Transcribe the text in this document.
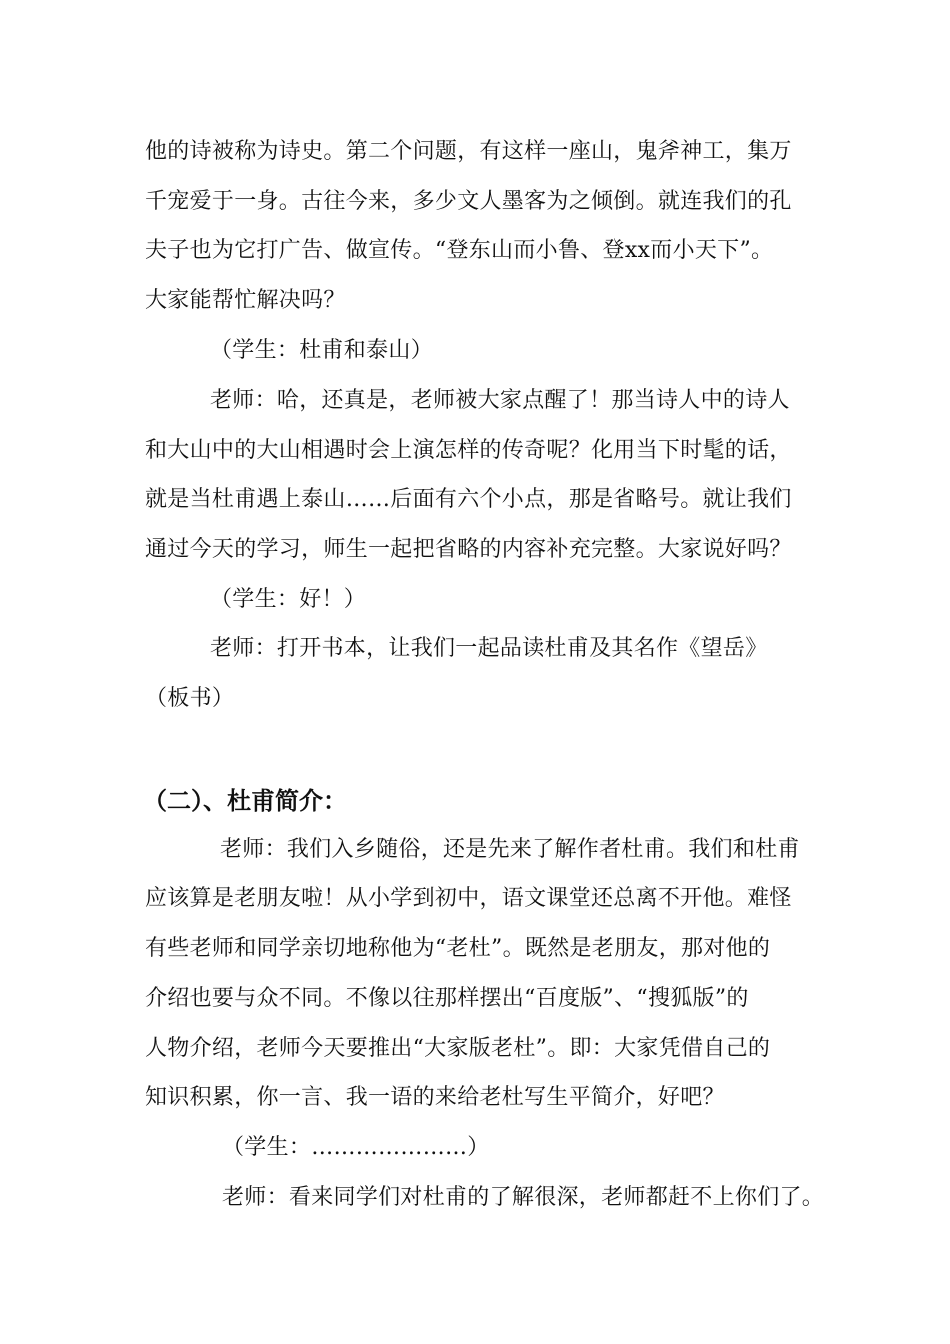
他的诗被称为诗史。第二个问题，有这样一座山，鬼斧神工，集万
千宠爱于一身。古往今来，多少文人墨客为之倾倒。就连我们的孔
夫子也为它打广告、做宣传。“登东山而小鲁、登xx而小天下”。
大家能帮忙解决吗？
（学生：杜甫和泰山）
老师：哈，还真是，老师被大家点醒了！那当诗人中的诗人
和大山中的大山相遇时会上演怎样的传奇呢？化用当下时髦的话，
就是当杜甫遇上泰山……后面有六个小点，那是省略号。就让我们
通过今天的学习，师生一起把省略的内容补充完整。大家说好吗？
（学生：好！）
老师：打开书本，让我们一起品读杜甫及其名作《望岳》
（板书）
（二）、杜甫简介：
老师：我们入乡随俗，还是先来了解作者杜甫。我们和杜甫
应该算是老朋友啦！从小学到初中，语文课堂还总离不开他。难怪
有些老师和同学亲切地称他为“老杜”。既然是老朋友，那对他的
介绍也要与众不同。不像以往那样摆出“百度版”、“搜狐版”的
人物介绍，老师今天要推出“大家版老杜”。即：大家凭借自己的
知识积累，你一言、我一语的来给老杜写生平简介，好吧？
（学生：…………………）
老师：看来同学们对杜甫的了解很深，老师都赶不上你们了。
